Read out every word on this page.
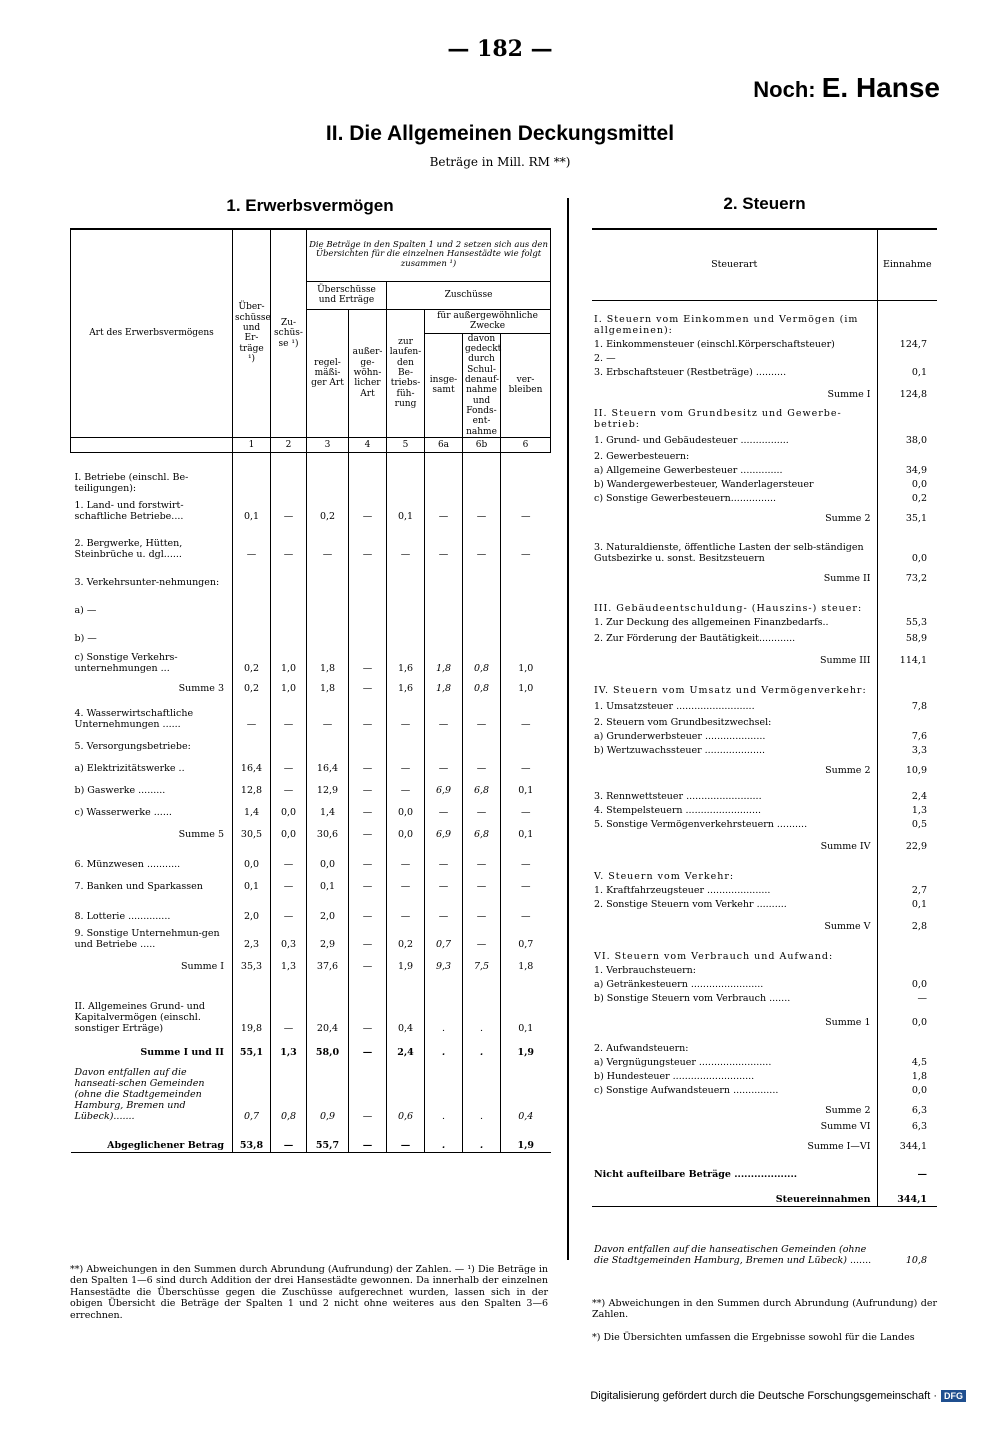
— 182 —
Noch: E. Hanse
II. Die Allgemeinen Deckungsmittel
Beträge in Mill. RM **)
1. Erwerbsvermögen	2. Steuern
Art des Erwerbsvermögens	Über-schüsse und Er-träge ¹)	Zu-schüs-se ¹)	Die Beträge in den Spalten 1 und 2 setzen sich aus den Übersichten für die einzelnen Hansestädte wie folgt zusammen ¹)					
			Überschüsse und Erträge		Zuschüsse			
			regel-mäßi-ger Art	außer-ge-wöhn-licher Art	zur laufen-den Be-triebs-füh-rung	für außergewöhnliche Zwecke		
						insge-samt	davon gedeckt durch Schul-denauf-nahme und Fonds-ent-nahme	ver-bleiben

	1	2	3	4	5	6a	6b	6
I. Betriebe (einschl. Be-teiligungen):								
1. Land- und forstwirt-schaftliche Betriebe....	0,1	—	0,2	—	0,1	—	—	—
2. Bergwerke, Hütten, Steinbrüche u. dgl......	—	—	—	—	—	—	—	—
3. Verkehrsunter-nehmungen:								
a) —								
b) —								
c) Sonstige Verkehrs-unternehmungen ...	0,2	1,0	1,8	—	1,6	1,8	0,8	1,0
Summe 3	0,2	1,0	1,8	—	1,6	1,8	0,8	1,0
4. Wasserwirtschaftliche Unternehmungen ......	—	—	—	—	—	—	—	—
5. Versorgungsbetriebe:								
a) Elektrizitätswerke ..	16,4	—	16,4	—	—	—	—	—
b) Gaswerke .........	12,8	—	12,9	—	—	6,9	6,8	0,1
c) Wasserwerke ......	1,4	0,0	1,4	—	0,0	—	—	—
Summe 5	30,5	0,0	30,6	—	0,0	6,9	6,8	0,1
6. Münzwesen ...........	0,0	—	0,0	—	—	—	—	—
7. Banken und Sparkassen	0,1	—	0,1	—	—	—	—	—
8. Lotterie ..............	2,0	—	2,0	—	—	—	—	—
9. Sonstige Unternehmun-gen und Betriebe .....	2,3	0,3	2,9	—	0,2	0,7	—	0,7
Summe I	35,3	1,3	37,6	—	1,9	9,3	7,5	1,8
II. Allgemeines Grund- und Kapitalvermögen (einschl. sonstiger Erträge)	19,8	—	20,4	—	0,4	.	.	0,1
Summe I und II	55,1	1,3	58,0	—	2,4	.	.	1,9
Davon entfallen auf die hanseati-schen Gemeinden (ohne die Stadtgemeinden Hamburg, Bremen und Lübeck).......	0,7	0,8	0,9	—	0,6	.	.	0,4
Abgeglichener Betrag	53,8	—	55,7	—	—	.	.	1,9
Steuerart	Einnahme
I. Steuern vom Einkommen und Vermögen (im allgemeinen):	
1. Einkommensteuer (einschl.Körperschaftsteuer)	124,7
2. —	
3. Erbschaftsteuer (Restbeträge) ..........	0,1
Summe I	124,8
II. Steuern vom Grundbesitz und Gewerbe-betrieb:	
1. Grund- und Gebäudesteuer ................	38,0
2. Gewerbesteuern:	
a) Allgemeine Gewerbesteuer ..............	34,9
b) Wandergewerbesteuer, Wanderlagersteuer	0,0
c) Sonstige Gewerbesteuern...............	0,2
Summe 2	35,1
3. Naturaldienste, öffentliche Lasten der selb-ständigen Gutsbezirke u. sonst. Besitzsteuern	0,0
Summe II	73,2
III. Gebäudeentschuldung- (Hauszins-) steuer:	
1. Zur Deckung des allgemeinen Finanzbedarfs..	55,3
2. Zur Förderung der Bautätigkeit............	58,9
Summe III	114,1
IV. Steuern vom Umsatz und Vermögenverkehr:	
1. Umsatzsteuer ..........................	7,8
2. Steuern vom Grundbesitzwechsel:	
a) Grunderwerbsteuer ....................	7,6
b) Wertzuwachssteuer ....................	3,3
Summe 2	10,9
3. Rennwettsteuer .........................	2,4
4. Stempelsteuern .........................	1,3
5. Sonstige Vermögenverkehrsteuern ..........	0,5
Summe IV	22,9
V. Steuern vom Verkehr:	
1. Kraftfahrzeugsteuer .....................	2,7
2. Sonstige Steuern vom Verkehr ..........	0,1
Summe V	2,8
VI. Steuern vom Verbrauch und Aufwand:	
1. Verbrauchsteuern:	
a) Getränkesteuern ........................	0,0
b) Sonstige Steuern vom Verbrauch .......	—
Summe 1	0,0
2. Aufwandsteuern:	
a) Vergnügungsteuer ........................	4,5
b) Hundesteuer ...........................	1,8
c) Sonstige Aufwandsteuern ...............	0,0
Summe 2	6,3
Summe VI	6,3
Summe I—VI	344,1
Nicht aufteilbare Beträge ...................	—
Steuereinnahmen	344,1
Davon entfallen auf die hanseatischen Gemeinden (ohne die Stadtgemeinden Hamburg, Bremen und Lübeck) .......	10,8
**) Abweichungen in den Summen durch Abrundung (Aufrundung) der Zahlen. — ¹) Die Beträge in den Spalten 1—6 sind durch Addition der drei Hansestädte gewonnen. Da innerhalb der einzelnen Hansestädte die Überschüsse gegen die Zuschüsse aufgerechnet wurden, lassen sich in der obigen Übersicht die Beträge der Spalten 1 und 2 nicht ohne weiteres aus den Spalten 3—6 errechnen.
**) Abweichungen in den Summen durch Abrundung (Aufrundung) der Zahlen.
*) Die Übersichten umfassen die Ergebnisse sowohl für die Landes
Digitalisierung gefördert durch die Deutsche Forschungsgemeinschaft · DFG
